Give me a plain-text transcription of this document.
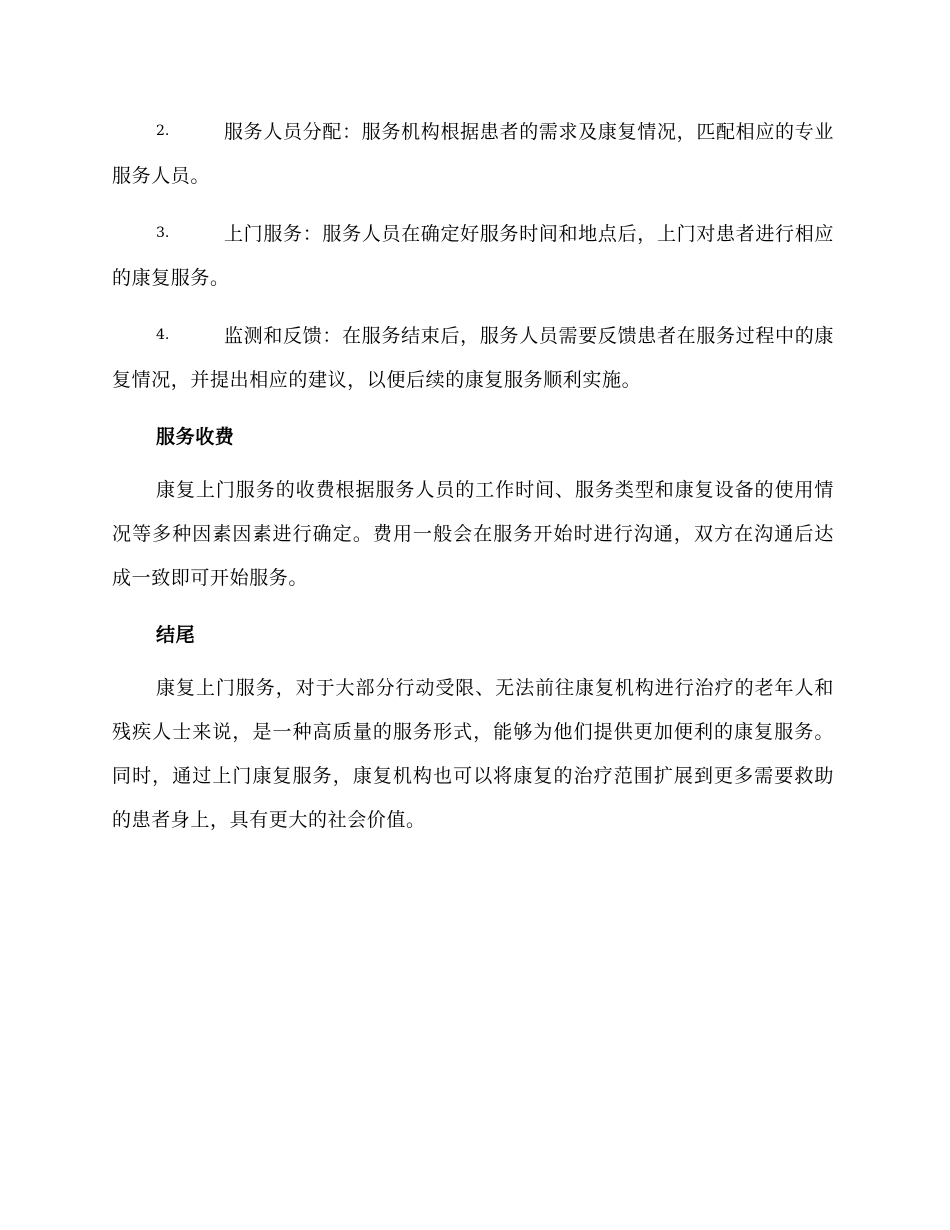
2.	服务人员分配：服务机构根据患者的需求及康复情况，匹配相应的专业服务人员。

3.	上门服务：服务人员在确定好服务时间和地点后，上门对患者进行相应的康复服务。

4.	监测和反馈：在服务结束后，服务人员需要反馈患者在服务过程中的康复情况，并提出相应的建议，以便后续的康复服务顺利实施。

服务收费

康复上门服务的收费根据服务人员的工作时间、服务类型和康复设备的使用情况等多种因素因素进行确定。费用一般会在服务开始时进行沟通，双方在沟通后达成一致即可开始服务。

结尾

康复上门服务，对于大部分行动受限、无法前往康复机构进行治疗的老年人和残疾人士来说，是一种高质量的服务形式，能够为他们提供更加便利的康复服务。同时，通过上门康复服务，康复机构也可以将康复的治疗范围扩展到更多需要救助的患者身上，具有更大的社会价值。
